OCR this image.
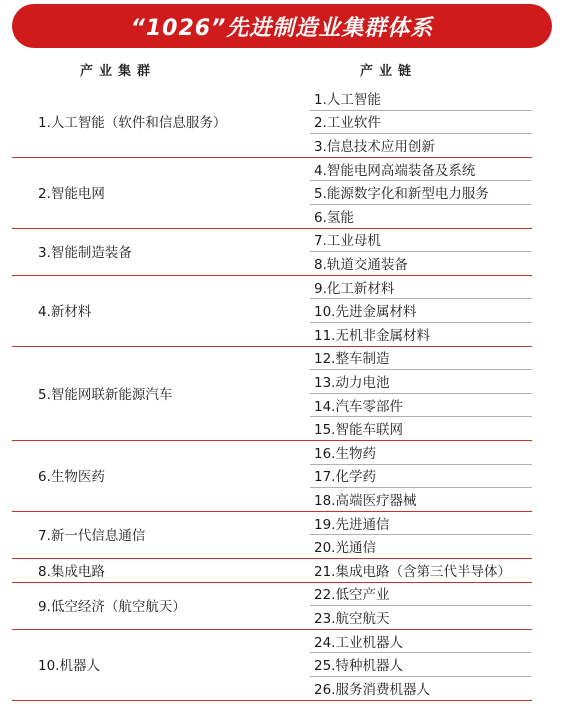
“1026”先进制造业集群体系
产业集群	产业链
1.人工智能（软件和信息服务）
1.人工智能
2.工业软件
3.信息技术应用创新
2.智能电网
4.智能电网高端装备及系统
5.能源数字化和新型电力服务
6.氢能
3.智能制造装备
7.工业母机
8.轨道交通装备
4.新材料
9.化工新材料
10.先进金属材料
11.无机非金属材料
5.智能网联新能源汽车
12.整车制造
13.动力电池
14.汽车零部件
15.智能车联网
6.生物医药
16.生物药
17.化学药
18.高端医疗器械
7.新一代信息通信
19.先进通信
20.光通信
8.集成电路	21.集成电路（含第三代半导体）
9.低空经济（航空航天）
22.低空产业
23.航空航天
10.机器人
24.工业机器人
25.特种机器人
26.服务消费机器人
